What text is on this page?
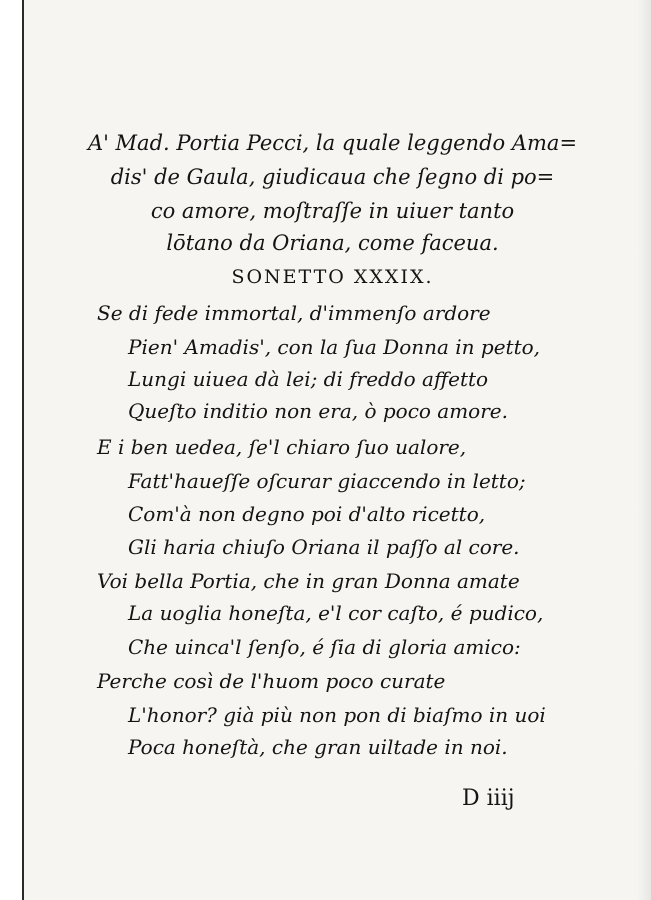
A' Mad. Portia Pecci, la quale leggendo Ama=
dis' de Gaula, giudicaua che ſegno di po=
co amore, moſtraſſe in uiuer tanto
lōtano da Oriana, come faceua.
SONETTO XXXIX.
Se di fede immortal, d'immenſo ardore
Pien' Amadis', con la ſua Donna in petto,
Lungi uiuea dà lei; di freddo affetto
Queſto inditio non era, ò poco amore.
E i ben uedea, ſe'l chiaro ſuo ualore,
Fatt'haueſſe oſcurar giaccendo in letto;
Com'à non degno poi d'alto ricetto,
Gli haria chiuſo Oriana il paſſo al core.
Voi bella Portia, che in gran Donna amate
La uoglia honeſta, e'l cor caſto, é pudico,
Che uinca'l ſenſo, é ſia di gloria amico:
Perche così de l'huom poco curate
L'honor? già più non pon di biaſmo in uoi
Poca honeſtà, che gran uiltade in noi.
D iiij
